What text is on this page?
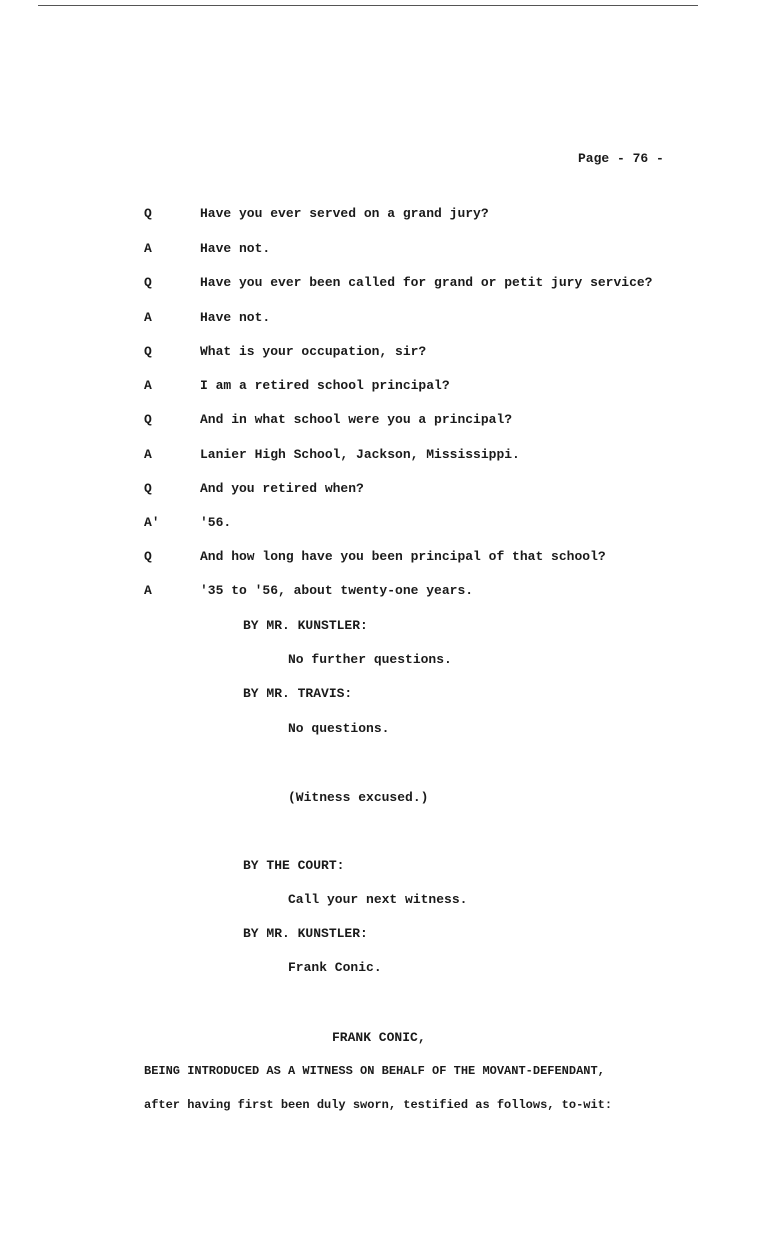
Page - 76 -
Q	Have you ever served on a grand jury?
A	Have not.
Q	Have you ever been called for grand or petit jury service?
A	Have not.
Q	What is your occupation, sir?
A	I am a retired school principal?
Q	And in what school were you a principal?
A	Lanier High School, Jackson, Mississippi.
Q	And you retired when?
A'	'56.
Q	And how long have you been principal of that school?
A	'35 to '56, about twenty-one years.
BY MR. KUNSTLER:
No further questions.
BY MR. TRAVIS:
No questions.
(Witness excused.)
BY THE COURT:
Call your next witness.
BY MR. KUNSTLER:
Frank Conic.
FRANK CONIC,
BEING INTRODUCED AS A WITNESS ON BEHALF OF THE MOVANT-DEFENDANT,
after having first been duly sworn, testified as follows, to-wit:
